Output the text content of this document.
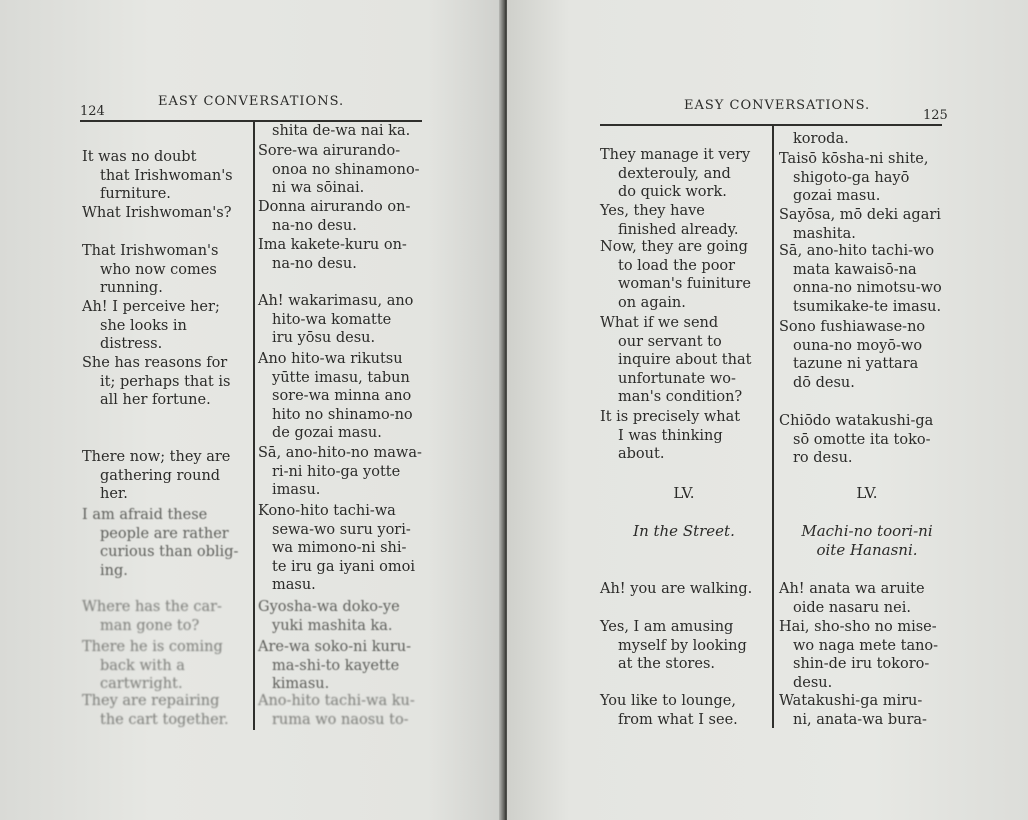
124
EASY CONVERSATIONS.
It was no doubt
that Irishwoman's
furniture.
What Irishwoman's?
That Irishwoman's
who now comes
running.
Ah! I perceive her;
she looks in
distress.
She has reasons for
it; perhaps that is
all her fortune.
There now; they are
gathering round
her.
I am afraid these
people are rather
curious than oblig-
ing.
Where has the car-
man gone to?
There he is coming
back with a
cartwright.
They are repairing
the cart together.
shita de-wa nai ka.
Sore-wa airurando-
onoa no shinamono-
ni wa sōinai.
Donna airurando on-
na-no desu.
Ima kakete-kuru on-
na-no desu.
Ah! wakarimasu, ano
hito-wa komatte
iru yōsu desu.
Ano hito-wa rikutsu
yūtte imasu, tabun
sore-wa minna ano
hito no shinamo-no
de gozai masu.
Sā, ano-hito-no mawa-
ri-ni hito-ga yotte
imasu.
Kono-hito tachi-wa
sewa-wo suru yori-
wa mimono-ni shi-
te iru ga iyani omoi
masu.
Gyosha-wa doko-ye
yuki mashita ka.
Are-wa soko-ni kuru-
ma-shi-to kayette
kimasu.
Ano-hito tachi-wa ku-
ruma wo naosu to-
EASY CONVERSATIONS.
125
They manage it very
dexterouly, and
do quick work.
Yes, they have
finished already.
Now, they are going
to load the poor
woman's fuiniture
on again.
What if we send
our servant to
inquire about that
unfortunate wo-
man's condition?
It is precisely what
I was thinking
about.
LV.
In the Street.
Ah! you are walking.
Yes, I am amusing
myself by looking
at the stores.
You like to lounge,
from what I see.
koroda.
Taisō kōsha-ni shite,
shigoto-ga hayō
gozai masu.
Sayōsa, mō deki agari
mashita.
Sā, ano-hito tachi-wo
mata kawaisō-na
onna-no nimotsu-wo
tsumikake-te imasu.
Sono fushiawase-no
ouna-no moyō-wo
tazune ni yattara
dō desu.
Chiōdo watakushi-ga
sō omotte ita toko-
ro desu.
LV.
Machi-no toori-ni
oite Hanasni.
Ah! anata wa aruite
oide nasaru nei.
Hai, sho-sho no mise-
wo naga mete tano-
shin-de iru tokoro-
desu.
Watakushi-ga miru-
ni, anata-wa bura-
